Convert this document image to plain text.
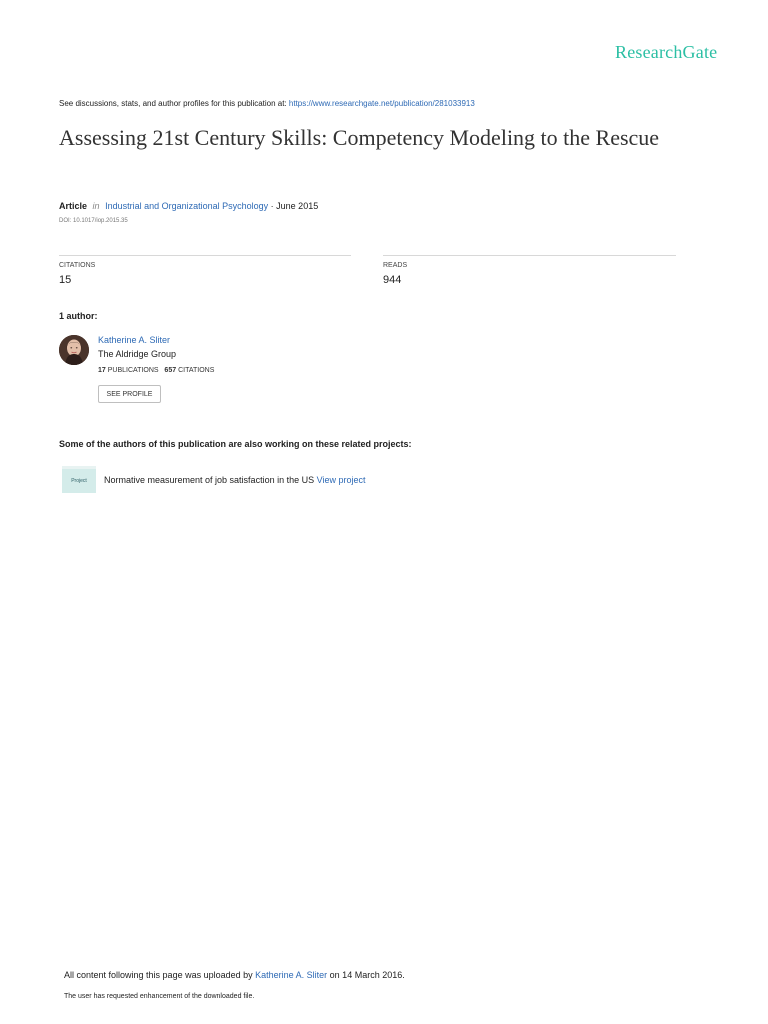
ResearchGate
See discussions, stats, and author profiles for this publication at: https://www.researchgate.net/publication/281033913
Assessing 21st Century Skills: Competency Modeling to the Rescue
Article in Industrial and Organizational Psychology · June 2015
DOI: 10.1017/iop.2015.35
CITATIONS
15
READS
944
1 author:
Katherine A. Sliter
The Aldridge Group
17 PUBLICATIONS 657 CITATIONS
SEE PROFILE
Some of the authors of this publication are also working on these related projects:
Project Normative measurement of job satisfaction in the US View project
All content following this page was uploaded by Katherine A. Sliter on 14 March 2016.
The user has requested enhancement of the downloaded file.
